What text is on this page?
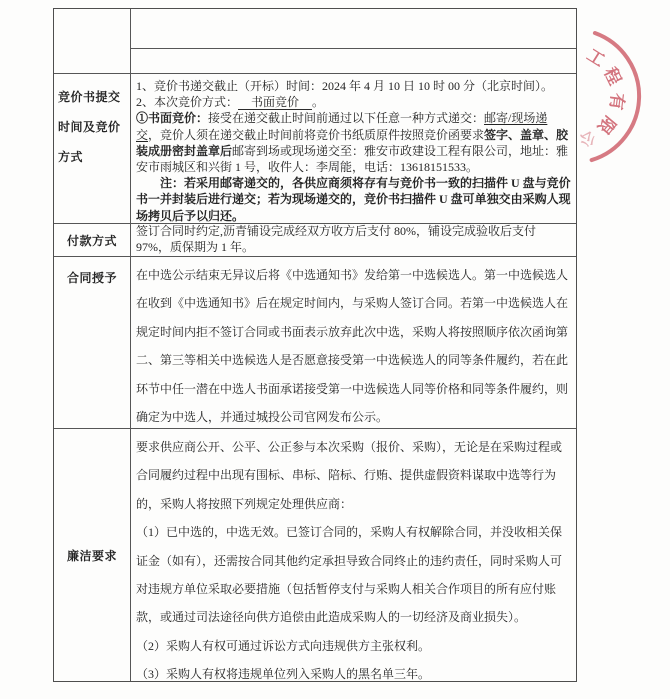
竞价书提交时间及竞价方式
1、竞价书递交截止（开标）时间：2024 年 4 月 10 日 10 时 00 分（北京时间）。
2、本次竞价方式： 书面竞价 。
①书面竞价：接受在递交截止时间前通过以下任意一种方式递交：邮寄/现场递交，竞价人须在递交截止时间前将竞价书纸质原件按照竞价函要求签字、盖章、胶装成册密封盖章后邮寄到场或现场递交至：雅安市政建设工程有限公司，地址：雅安市雨城区和兴街 1 号，收件人：李周能，电话：13618151533。
注：若采用邮寄递交的，各供应商须将存有与竞价书一致的扫描件 U 盘与竞价书一并封装后进行递交；若为现场递交的，竞价书扫描件 U 盘可单独交由采购人现场拷贝后予以归还。
付款方式

签订合同时约定,沥青铺设完成经双方收方后支付 80%，铺设完成验收后支付 97%，质保期为 1 年。

合同授予	在中选公示结束无异议后将《中选通知书》发给第一中选候选人。第一中选候选人在收到《中选通知书》后在规定时间内，与采购人签订合同。若第一中选候选人在规定时间内拒不签订合同或书面表示放弃此次中选，采购人将按照顺序依次函询第二、第三等相关中选候选人是否愿意接受第一中选候选人的同等条件履约，若在此环节中任一潜在中选人书面承诺接受第一中选候选人同等价格和同等条件履约，则确定为中选人，并通过城投公司官网发布公示。

廉洁要求

要求供应商公开、公平、公正参与本次采购（报价、采购），无论是在采购过程或合同履约过程中出现有围标、串标、陪标、行贿、提供虚假资料谋取中选等行为的，采购人将按照下列规定处理供应商：

（1）已中选的，中选无效。已签订合同的，采购人有权解除合同，并没收相关保证金（如有），还需按合同其他约定承担导致合同终止的违约责任，同时采购人可对违规方单位采取必要措施（包括暂停支付与采购人相关合作项目的所有应付账款，或通过司法途径向供方追偿由此造成采购人的一切经济及商业损失）。

（2）采购人有权可通过诉讼方式向违规供方主张权利。

（3）采购人有权将违规单位列入采购人的黑名单三年。

工
程
有
限
公
